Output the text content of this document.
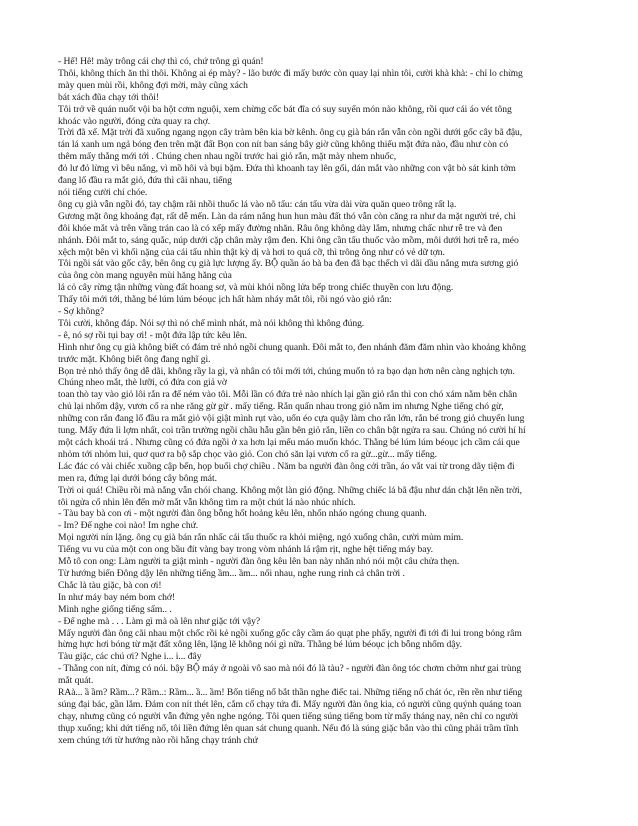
- Hế! Hê! mày trông cái chợ thì có, chứ trông gì quán!
Thôi, không thích ăn thì thôi. Không ai ép mày? - lão bước đi mấy bước còn quay lại nhìn tôi, cười khà khà: - chỉ lo chừng
mày quen mùi rồi, không đợi mời, mày cũng xách
bát xách đũa chạy tới thôi!
Tôi trở về quán nuốt vội ba hột cơm nguội, xem chừng cốc bát đĩa có suy suyển món nào không, rồi quơ cái áo vét tông
khoác vào người, đóng cửa quay ra chợ.
Trời đã xế. Mặt trời đã xuống ngang ngọn cây tràm bên kia bờ kênh. ông cụ già bán rắn vẫn còn ngồi dưới gốc cây bã đậu,
tán lá xanh um ngả bóng đen trên mặt đất Bọn con nít ban sáng bây giờ cũng không thiếu mặt đứa nào, đầu như còn có
thêm mấy thằng mới tới . Chúng chen nhau ngồi trước hai giỏ rắn, mặt mày nhem nhuốc,
đỏ lư đỏ lừng vì bêu nắng, vì mồ hôi và bụi bặm. Đứa thì khoanh tay lên gối, dán mắt vào những con vật bò sát kinh tởm
đang lố đầu ra mắt giỏ, đứa thì cãi nhau, tiếng
nói tiếng cười chí chóe.
ông cụ già vẫn ngồi đó, tay chậm rãi nhồi thuốc lá vào nõ tẩu: cán tẩu vừa dài vừa quăn queo trông rất lạ.
Gương mặt ông khoảng đạt, rất dễ mến. Làn da rám nắng hun hun màu đất thó vẫn còn căng ra như da mặt người trẻ, chỉ
đôi khóe mắt và trên vầng trán cao là có xếp mấy đường nhăn. Râu ông không dày lắm, nhưng chấc như rễ tre và đen
nhánh. Đôi mắt to, sáng quắc, núp dưới cặp chân mày rậm đen. Khi ông cần tẩu thuốc vào mồm, môi dưới hơi trễ ra, méo
xệch một bên vì khối nặng của cái tẩu nhìn thật kỳ dị và hơi to quá cỡ, thì trông ông như có vẻ dữ tợn.
Tôi ngồi sát vào gốc cây, bên ông cụ già lực lượng ấy. BỘ quần áo bà ba đen đã bạc thếch vì dãi dầu nắng mưa sương gió
của ông còn mang nguyên mùi hăng hăng của
lá cỏ cây rừng tận những vùng đất hoang sơ, và mùi khói nồng lửa bếp trong chiếc thuyền con lưu động.
Thấy tôi mới tới, thằng bé lúm lúm béoục ịch hất hàm nháy mắt tôi, rồi ngó vào giỏ rắn:
- Sợ không?
Tôi cười, không đáp. Nói sợ thì nó chế mình nhát, mà nói không thì không đúng.
- ê, nó sợ rồi tụi bay ơi! - một đứa lập tức kêu lên.
Hình như ông cụ già không biết có đám trẻ nhỏ ngồi chung quanh. Đôi mắt to, đen nhánh đăm đăm nhìn vào khoảng không
trước mặt. Không biết ông đang nghĩ gì.
Bọn trẻ nhỏ thấy ông dễ dãi, không rầy la gì, và nhân có tôi mới tới, chúng muốn tỏ ra bạo dạn hơn nên càng nghịch tợn.
Chúng nheo mắt, thè lưỡi, có đứa con giả vờ
toan thò tay vào giỏ lôi rắn ra để ném vào tôi. Mỗi lần có đứa trẻ nào nhích lại gần giỏ rắn thì con chó xám nằm bên chân
chủ lại nhổm dậy, vươn cổ ra nhe răng gừ gừ . mấy tiếng. Rắn quấn nhau trong giỏ nằm im nhưng Nghe tiếng chó gừ,
những con rắn đang lố đầu ra mắt giỏ vội giật mình rụt vào, uốn éo cựa quậy làm cho rắn lớn, rắn bé trong giỏ chuyển lung
tung. Mấy đứa lì lợm nhất, coi trần trường ngồi chầu hẫu gần bên giỏ rắn, liền co chân bật ngửa ra sau. Chúng nó cười hí hí
một cách khoái trá . Nhưng cũng có đứa ngồi ở xa hơn lại mếu máo muốn khóc. Thằng bé lúm lúm béoục ịch cầm cái que
nhỏm tới nhỏm lui, quơ quơ ra bộ sắp chọc vào giỏ. Con chó săn lại vươn cổ ra gừ...gừ... mấy tiếng.
Lác đác có vài chiếc xuồng cập bến, họp buổi chợ chiều . Năm ba người đàn ông cởi trần, áo vắt vai từ trong dãy tiệm đi
men ra, đứng lại dưới bóng cây bông mát.
Trời oi quá! Chiều rồi mà nắng vẫn chói chang. Không một làn gió động. Những chiếc lá bã đậu như dán chặt lên nền trời,
tôi ngửa cổ nhìn lên đến mờ mắt vẫn không tìm ra một chút lá nào nhúc nhích.
- Tàu bay bà con ơi - một người đàn ông bỗng hốt hoảng kêu lên, nhốn nháo ngóng chung quanh.
- Im? Để nghe coi nào! Im nghe chứ.
Mọi người nín lặng. ông cụ già bán rắn nhấc cái tẩu thuốc ra khỏi miệng, ngó xuống chân, cười mủm mỉm.
Tiếng vu vu của một con ong bầu đít vàng bay trong vòm nhánh lá rậm rịt, nghe hệt tiếng máy bay.
Mỗ tô con ong: Làm người ta giật mình - người đàn ông kêu lên ban này nhăn nhó nói một câu chửa thẹn.
Từ hướng biển Đông dậy lên những tiếng ầm... ầm... nổi nhau, nghe rung rinh cả chân trời .
Chắc là tàu giặc, bà con ơi!
In như máy bay ném bom chớ!
Mình nghe giống tiếng sấm.. .
- Để nghe mà . . . Làm gì mà oà lên như giặc tới vậy?
Mấy người đàn ông cãi nhau một chốc rồi kẻ ngồi xuống gốc cây cầm áo quạt phe phẩy, người đi tới đi lui trong bóng râm
hừng hực hơi bóng từ mặt đất xông lên, lặng lẽ không nói gì nữa. Thằng bé lúm béoục ịch bỗng nhổm dậy.
Tàu giặc, các chú ơi? Nghe i... i... đây
- Thằng con nít, đừng có nói. bậy BỘ máy ở ngoài vô sao mà nói đó là tàu? - người đàn ông tóc chơm chởm như gai trùng
mắt quát.
RAà... ầ ầm? Rầm...? Rầm..: Rầm... ầ... ầm! Bốn tiếng nổ bắt thần nghe điếc tai. Những tiếng nổ chát óc, rền rền như tiếng
súng đại bác, gần lắm. Đám con nít thét lên, cắm cổ chạy tứa đi. Mấy người đàn ông kia, có người cũng quýnh quáng toan
chạy, nhưng cũng có người vẫn đứng yên nghe ngóng. Tôi quen tiếng súng tiếng bom từ mấy tháng nay, nên chỉ co người
thụp xuống; khi dứt tiếng nổ, tôi liền đứng lên quan sát chung quanh. Nếu đó là súng giặc bắn vào thì cũng phải trầm tĩnh
xem chúng tới từ hướng nào rồi hẵng chạy tránh chứ
